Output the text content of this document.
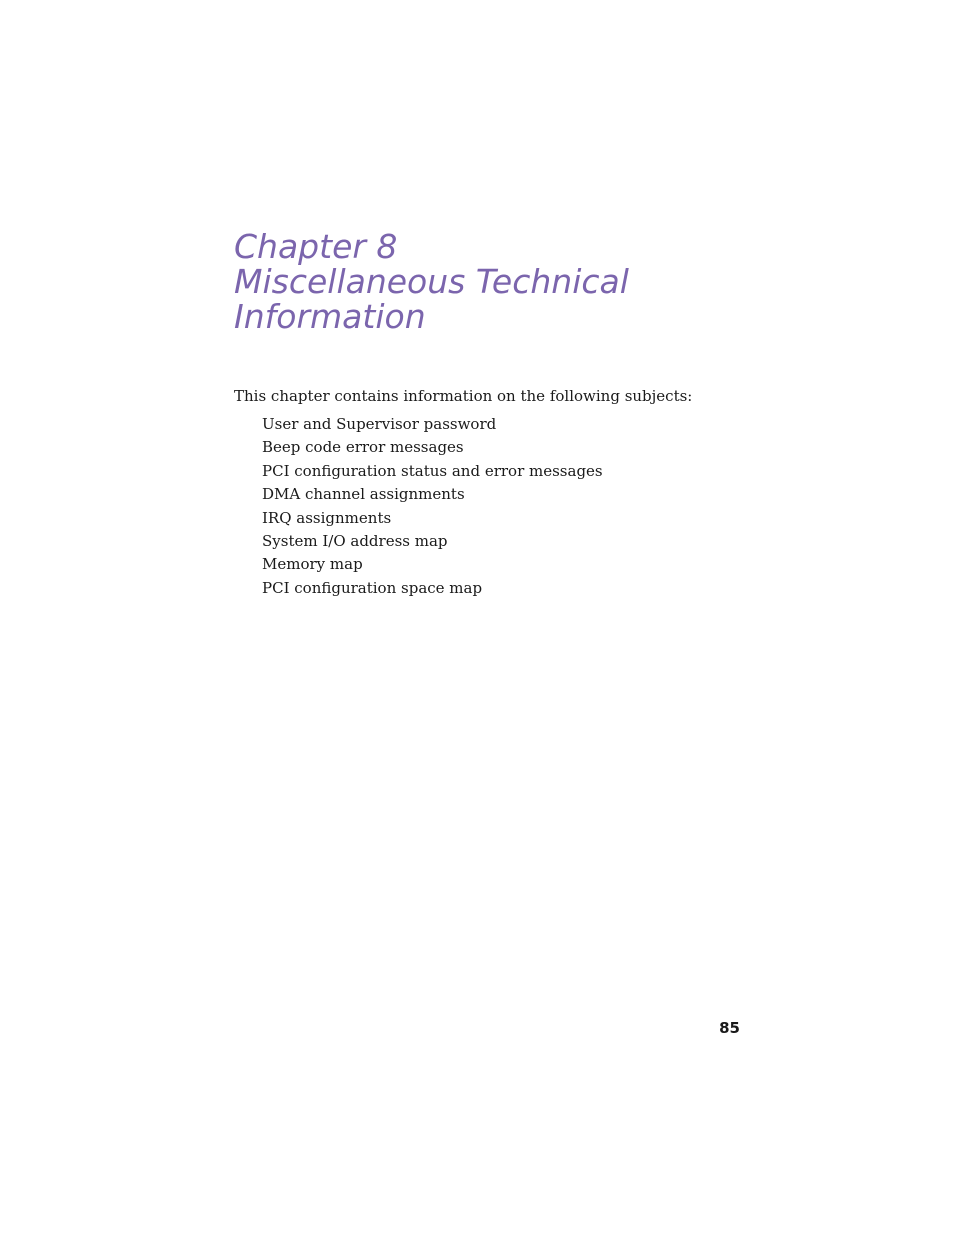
Chapter 8
Miscellaneous Technical
Information

This chapter contains information on the following subjects:

User and Supervisor password
Beep code error messages
PCI configuration status and error messages
DMA channel assignments
IRQ assignments
System I/O address map
Memory map
PCI configuration space map
85
